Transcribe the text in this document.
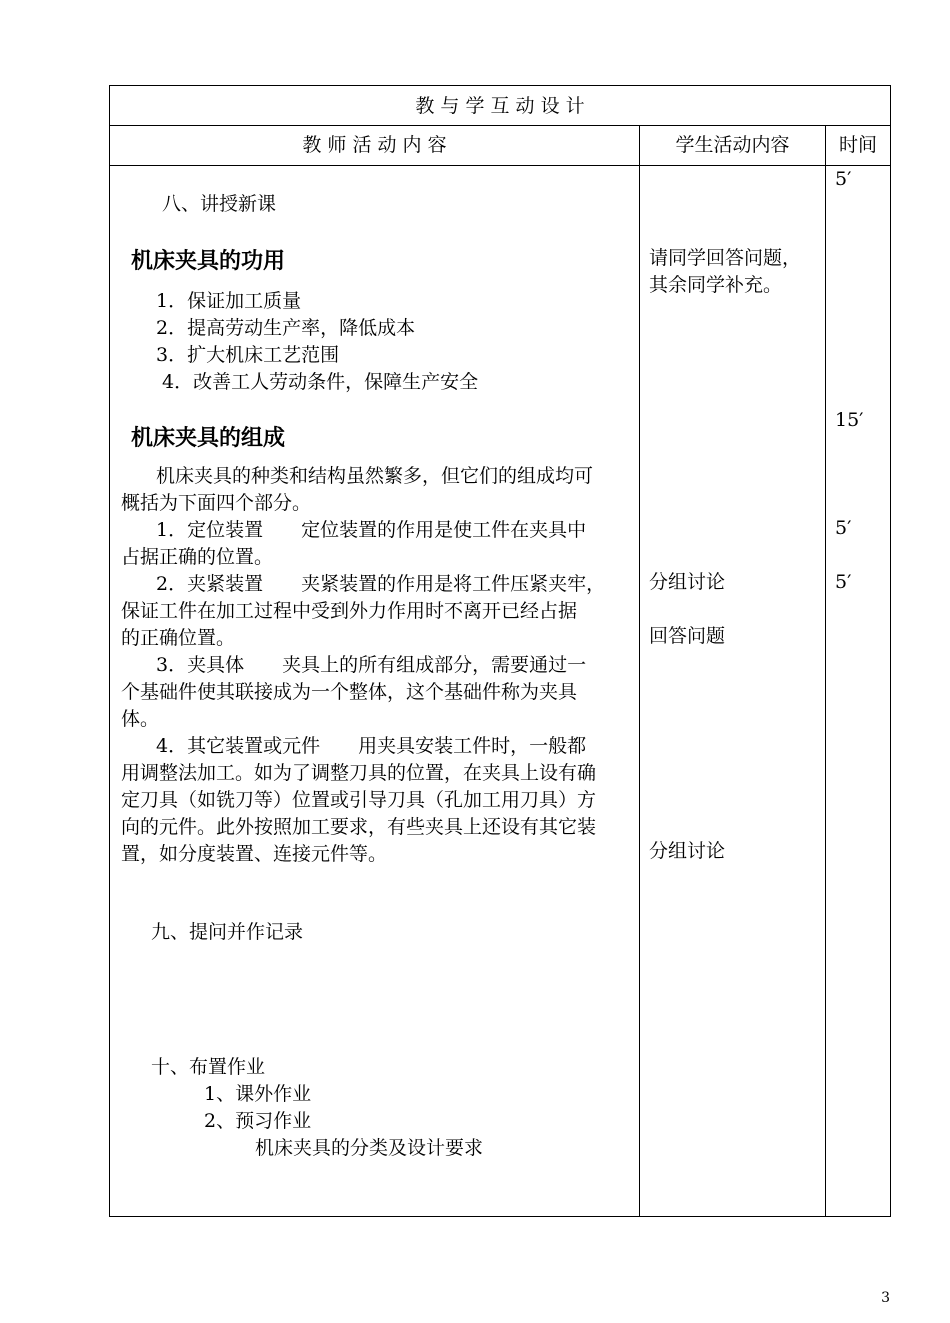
教 与 学 互 动 设 计
教 师 活 动 内 容	学生活动内容	时间
八、讲授新课
机床夹具的功用
1．保证加工质量
2．提高劳动生产率，降低成本
3．扩大机床工艺范围
4．改善工人劳动条件，保障生产安全
机床夹具的组成
机床夹具的种类和结构虽然繁多，但它们的组成均可
概括为下面四个部分。
1．定位装置　　定位装置的作用是使工件在夹具中
占据正确的位置。
2．夹紧装置　　夹紧装置的作用是将工件压紧夹牢，
保证工件在加工过程中受到外力作用时不离开已经占据
的正确位置。
3．夹具体　　夹具上的所有组成部分，需要通过一
个基础件使其联接成为一个整体，这个基础件称为夹具
体。
4．其它装置或元件　　用夹具安装工件时，一般都
用调整法加工。如为了调整刀具的位置，在夹具上设有确
定刀具（如铣刀等）位置或引导刀具（孔加工用刀具）方
向的元件。此外按照加工要求，有些夹具上还设有其它装
置，如分度装置、连接元件等。
九、提问并作记录
十、布置作业
1、课外作业
2、预习作业
机床夹具的分类及设计要求
请同学回答问题，
其余同学补充。
分组讨论
回答问题
分组讨论
5′
15′
5′
5′
3
